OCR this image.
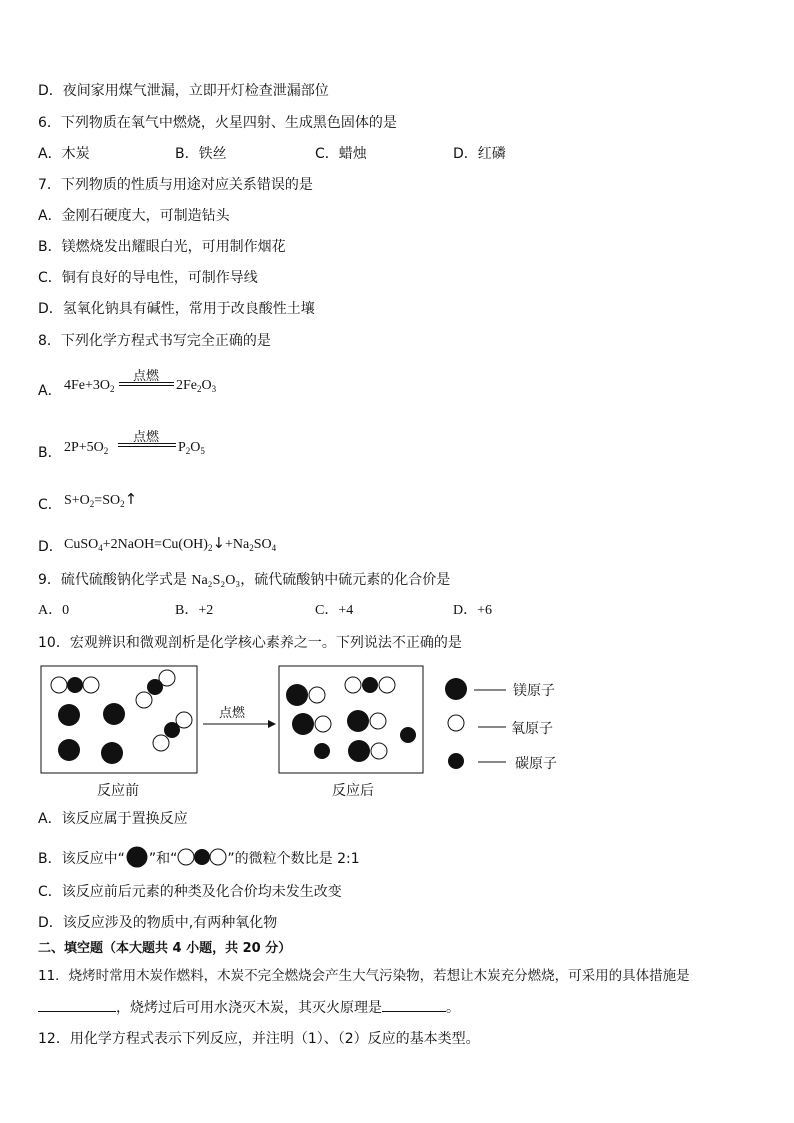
D．夜间家用煤气泄漏，立即开灯检查泄漏部位
6．下列物质在氧气中燃烧，火星四射、生成黑色固体的是
A．木炭	B．铁丝	C．蜡烛	D．红磷
7．下列物质的性质与用途对应关系错误的是
A．金刚石硬度大，可制造钻头
B．镁燃烧发出耀眼白光，可用制作烟花
C．铜有良好的导电性，可制作导线
D．氢氧化钠具有碱性，常用于改良酸性土壤
8．下列化学方程式书写完全正确的是
A． $4Fe+3O_2$
点燃
$2Fe_2O_3$
B． $2P+5O_2$
点燃
$P_2O_5$
C． $S+O_2=SO_2↑$
D． $CuSO_4+2NaOH=Cu(OH)_2↓+Na_2SO_4$
9．硫代硫酸钠化学式是 Na₂S₂O₃，硫代硫酸钠中硫元素的化合价是
A．0	B．+2	C．+4	D．+6
10．宏观辨识和微观剖析是化学核心素养之一。下列说法不正确的是
点燃
反应前	反应后
镁原子
氧原子
碳原子
A．该反应属于置换反应
B．该反应中“ ”和“	”的微粒个数比是 2:1
C．该反应前后元素的种类及化合价均未发生改变
D．该反应涉及的物质中,有两种氧化物
二、填空题（本大题共 4 小题，共 20 分）
11．烧烤时常用木炭作燃料，木炭不完全燃烧会产生大气污染物，若想让木炭充分燃烧，可采用的具体措施是
，烧烤过后可用水浇灭木炭，其灭火原理是	。
12．用化学方程式表示下列反应，并注明（1）、（2）反应的基本类型。
